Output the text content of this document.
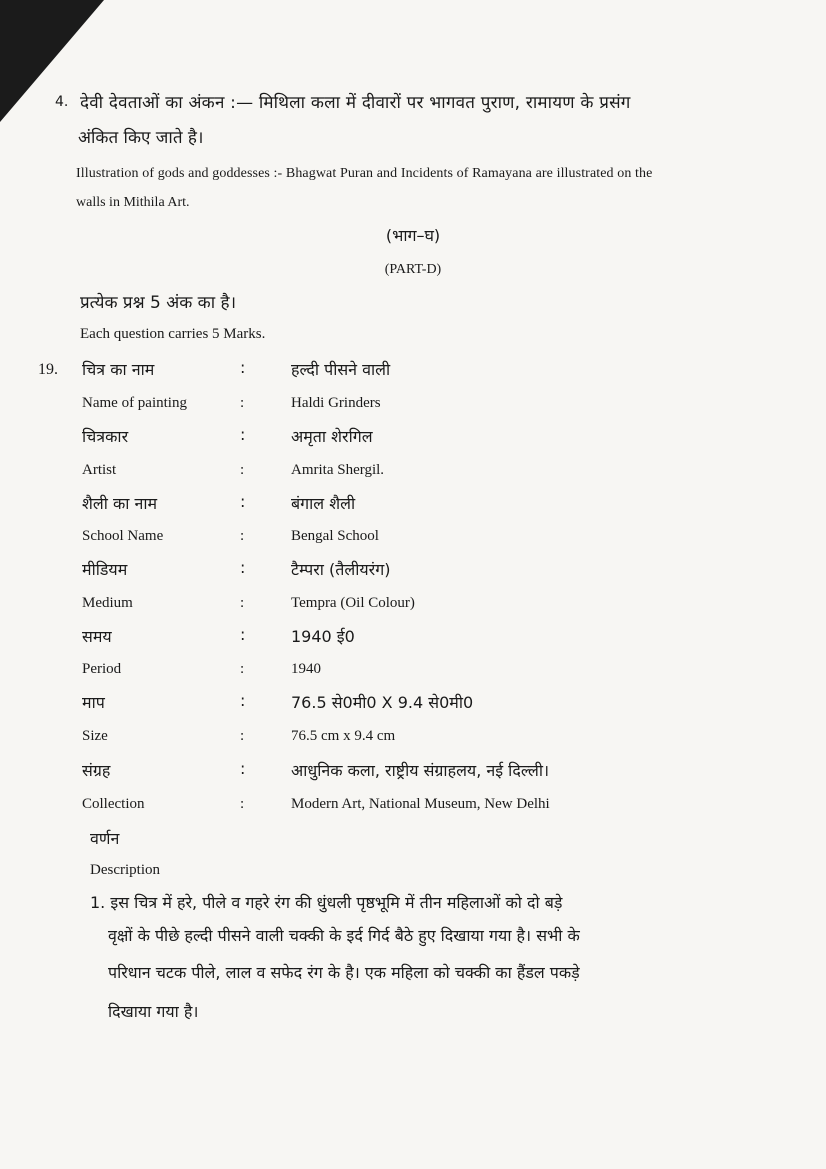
4. देवी देवताओं का अंकन :— मिथिला कला में दीवारों पर भागवत पुराण, रामायण के प्रसंग
अंकित किए जाते है।
Illustration of gods and goddesses :- Bhagwat Puran and Incidents of Ramayana are illustrated on the
walls in Mithila Art.
(भाग–घ)
(PART-D)
प्रत्येक प्रश्न 5 अंक का है।
Each question carries 5 Marks.
19. चित्र का नाम	:	हल्दी पीसने वाली
Name of painting	:	Haldi Grinders
चित्रकार	:	अमृता शेरगिल
Artist	:	Amrita Shergil.
शैली का नाम	:	बंगाल शैली
School Name	:	Bengal School
मीडियम	:	टैम्परा (तैलीयरंग)
Medium	:	Tempra (Oil Colour)
समय	:	1940 ई0
Period	:	1940
माप	:	76.5 से0मी0 X 9.4 से0मी0
Size	:	76.5 cm x 9.4 cm
संग्रह	:	आधुनिक कला, राष्ट्रीय संग्राहलय, नई दिल्ली।
Collection	:	Modern Art, National Museum, New Delhi
वर्णन
Description
1. इस चित्र में हरे, पीले व गहरे रंग की धुंधली पृष्ठभूमि में तीन महिलाओं को दो बड़े
वृक्षों के पीछे हल्दी पीसने वाली चक्की के इर्द गिर्द बैठे हुए दिखाया गया है। सभी के
परिधान चटक पीले, लाल व सफेद रंग के है। एक महिला को चक्की का हैंडल पकड़े
दिखाया गया है।
